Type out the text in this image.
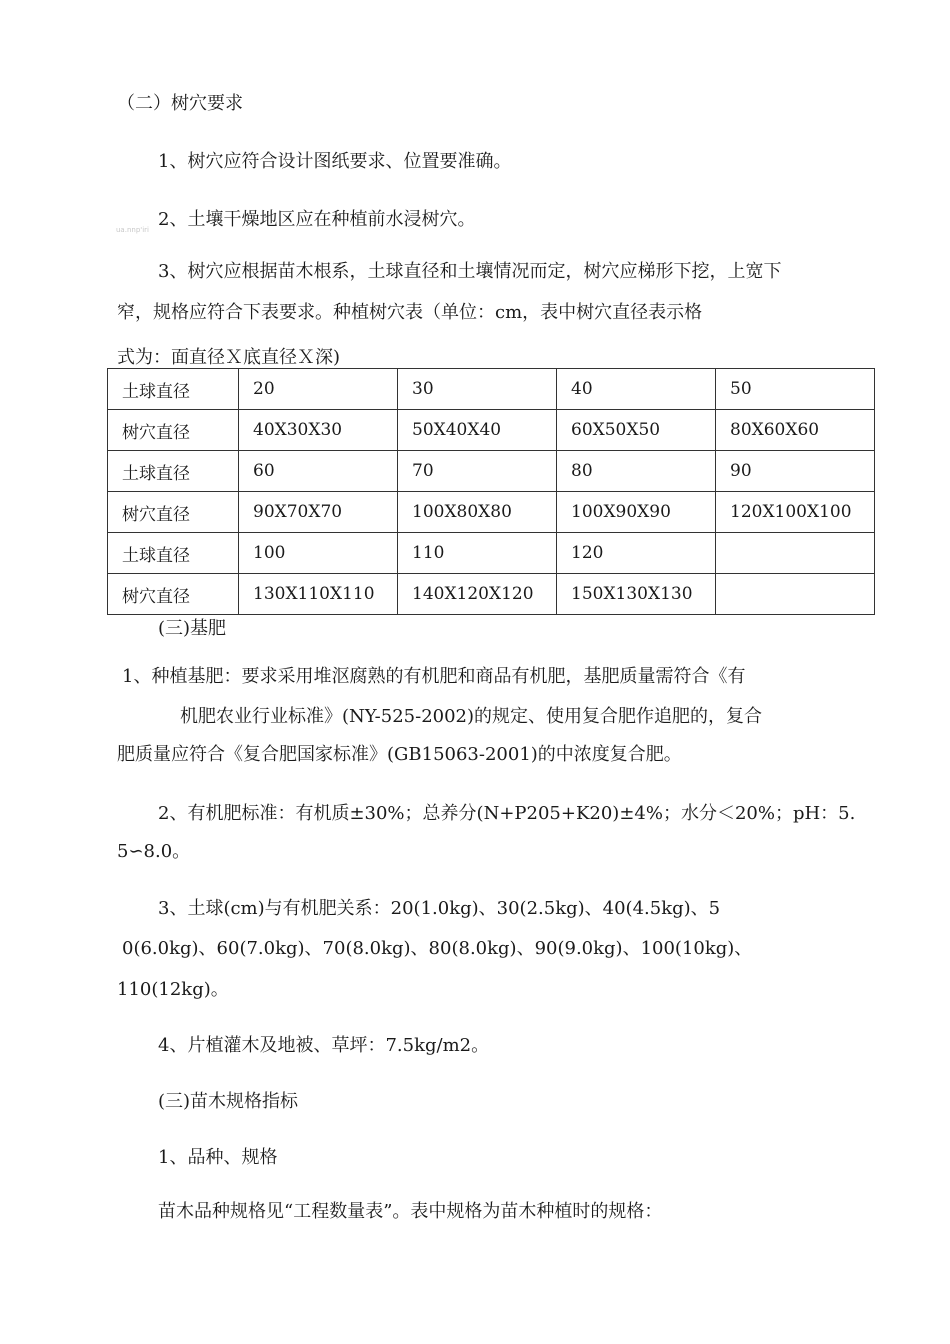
（二）树穴要求
1、树穴应符合设计图纸要求、位置要准确。
ua.nnp'iri 2、土壤干燥地区应在种植前水浸树穴。
3、树穴应根据苗木根系，土球直径和土壤情况而定，树穴应梯形下挖，上宽下
窄，规格应符合下表要求。种植树穴表（单位：cm，表中树穴直径表示格
式为：面直径Ｘ底直径Ｘ深)
土球直径	20	30	40	50
树穴直径	40X30X30	50X40X40	60X50X50	80X60X60
土球直径	60	70	80	90
树穴直径	90X70X70	100X80X80	100X90X90	120X100X100
土球直径	100	110	120	
树穴直径	130X110X110	140X120X120	150X130X130	
(三)基肥
1、种植基肥：要求采用堆沤腐熟的有机肥和商品有机肥，基肥质量需符合《有
机肥农业行业标准》(NY-525-2002)的规定、使用复合肥作追肥的，复合
肥质量应符合《复合肥国家标准》(GB15063-2001)的中浓度复合肥。
2、有机肥标准：有机质±30%；总养分(N+P205+K20)±4%；水分＜20%；pH：5.
5∽8.0。
3、土球(cm)与有机肥关系：20(1.0kg)、30(2.5kg)、40(4.5kg)、5
0(6.0kg)、60(7.0kg)、70(8.0kg)、80(8.0kg)、90(9.0kg)、100(10kg)、
110(12kg)。
4、片植灌木及地被、草坪：7.5kg/m2。
(三)苗木规格指标
1、品种、规格
苗木品种规格见“工程数量表”。表中规格为苗木种植时的规格：
